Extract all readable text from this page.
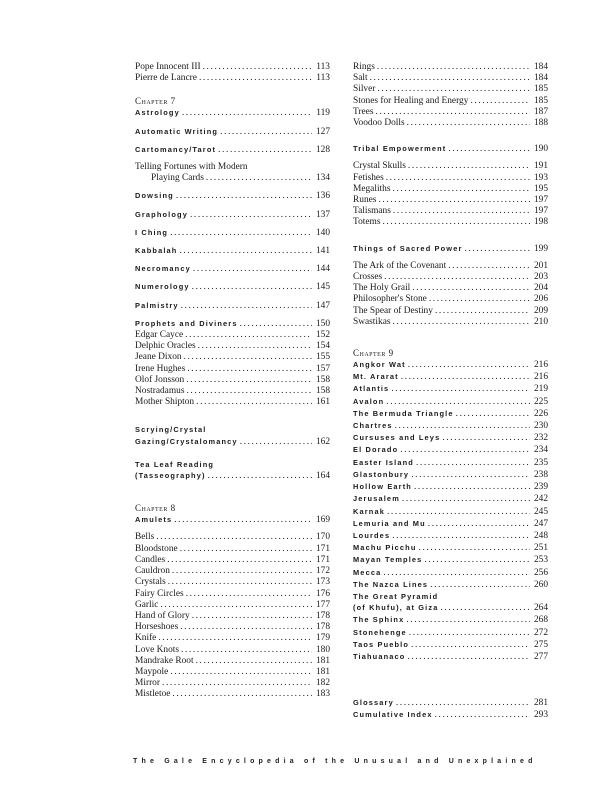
Pope Innocent III .....	113
Pierre de Lancre .....	113
Chapter 7
Astrology .....	119
Automatic Writing .....	127
Cartomancy/Tarot .....	128
Telling Fortunes with Modern
Playing Cards .....	134
Dowsing .....	136
Graphology .....	137
I Ching .....	140
Kabbalah .....	141
Necromancy .....	144
Numerology .....	145
Palmistry .....	147
Prophets and Diviners .....	150
Edgar Cayce .....	152
Delphic Oracles .....	154
Jeane Dixon .....	155
Irene Hughes .....	157
Olof Jonsson .....	158
Nostradamus .....	158
Mother Shipton .....	161
Scrying/Crystal
Gazing/Crystalomancy .....	162
Tea Leaf Reading
(Tasseography) .....	164
Chapter 8
Amulets .....	169
Bells .....	170
Bloodstone .....	171
Candles .....	171
Cauldron .....	172
Crystals .....	173
Fairy Circles .....	176
Garlic .....	177
Hand of Glory .....	178
Horseshoes .....	178
Knife .....	179
Love Knots .....	180
Mandrake Root .....	181
Maypole .....	181
Mirror .....	182
Mistletoe .....	183
Rings .....	184
Salt .....	184
Silver .....	185
Stones for Healing and Energy .....	185
Trees .....	187
Voodoo Dolls .....	188
Tribal Empowerment .....	190
Crystal Skulls .....	191
Fetishes .....	193
Megaliths .....	195
Runes .....	197
Talismans .....	197
Totems .....	198
Things of Sacred Power .....	199
The Ark of the Covenant .....	201
Crosses .....	203
The Holy Grail .....	204
Philosopher's Stone .....	206
The Spear of Destiny .....	209
Swastikas .....	210
Chapter 9
Angkor Wat .....	216
Mt. Ararat .....	216
Atlantis .....	219
Avalon .....	225
The Bermuda Triangle .....	226
Chartres .....	230
Cursuses and Leys .....	232
El Dorado .....	234
Easter Island .....	235
Glastonbury .....	238
Hollow Earth .....	239
Jerusalem .....	242
Karnak .....	245
Lemuria and Mu .....	247
Lourdes .....	248
Machu Picchu .....	251
Mayan Temples .....	253
Mecca .....	256
The Nazca Lines .....	260
The Great Pyramid
(of Khufu), at Giza .....	264
The Sphinx .....	268
Stonehenge .....	272
Taos Pueblo .....	275
Tiahuanaco .....	277
Glossary .....	281
Cumulative Index .....	293
The Gale Encyclopedia of the Unusual and Unexplained
